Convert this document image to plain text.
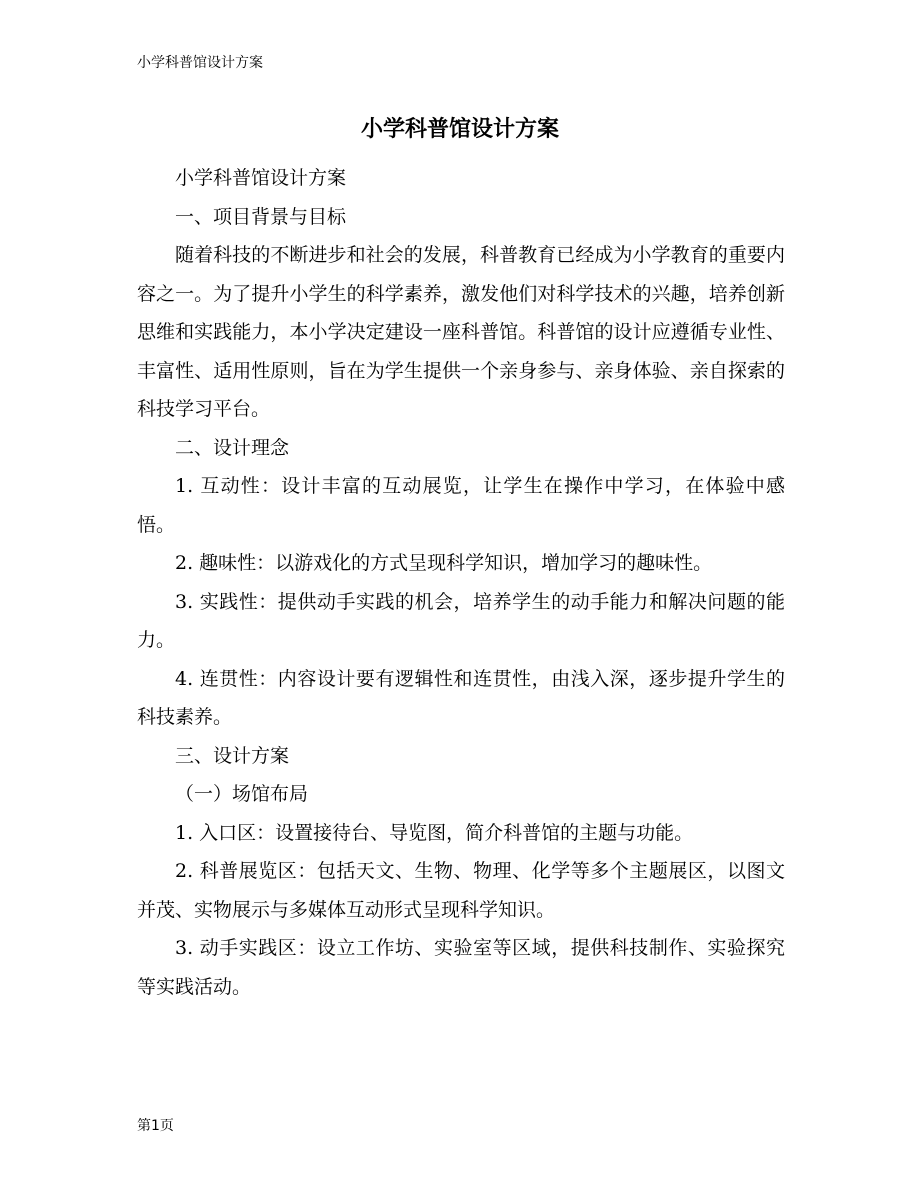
小学科普馆设计方案

小学科普馆设计方案

小学科普馆设计方案

一、项目背景与目标

随着科技的不断进步和社会的发展，科普教育已经成为小学教育的重要内容之一。为了提升小学生的科学素养，激发他们对科学技术的兴趣，培养创新思维和实践能力，本小学决定建设一座科普馆。科普馆的设计应遵循专业性、丰富性、适用性原则，旨在为学生提供一个亲身参与、亲身体验、亲自探索的科技学习平台。

二、设计理念

1. 互动性：设计丰富的互动展览，让学生在操作中学习，在体验中感悟。

2. 趣味性：以游戏化的方式呈现科学知识，增加学习的趣味性。

3. 实践性：提供动手实践的机会，培养学生的动手能力和解决问题的能力。

4. 连贯性：内容设计要有逻辑性和连贯性，由浅入深，逐步提升学生的科技素养。

三、设计方案

（一）场馆布局

1. 入口区：设置接待台、导览图，简介科普馆的主题与功能。

2. 科普展览区：包括天文、生物、物理、化学等多个主题展区，以图文并茂、实物展示与多媒体互动形式呈现科学知识。

3. 动手实践区：设立工作坊、实验室等区域，提供科技制作、实验探究等实践活动。

第1页
